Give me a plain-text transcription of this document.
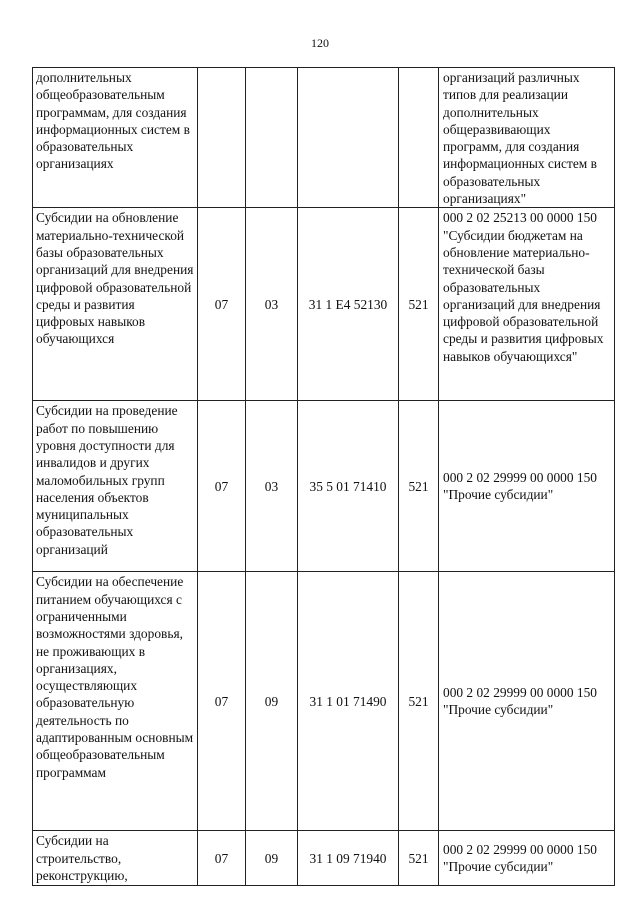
120
дополнительных общеобразовательным программам, для создания информационных систем в образовательных организациях					организаций различных типов для реализации дополнительных общеразвивающих программ, для создания информационных систем в образовательных организациях"
Субсидии на обновление материально-технической базы образовательных организаций для внедрения цифровой образовательной среды и развития цифровых навыков обучающихся	07	03	31 1 Е4 52130	521	000 2 02 25213 00 0000 150 "Субсидии бюджетам на обновление материально-технической базы образовательных организаций для внедрения цифровой образовательной среды и развития цифровых навыков обучающихся"
Субсидии на проведение работ по повышению уровня доступности для инвалидов и других маломобильных групп населения объектов муниципальных образовательных организаций	07	03	35 5 01 71410	521	000 2 02 29999 00 0000 150 "Прочие субсидии"
Субсидии на обеспечение питанием обучающихся с ограниченными возможностями здоровья, не проживающих в организациях, осуществляющих образовательную деятельность по адаптированным основным общеобразовательным программам	07	09	31 1 01 71490	521	000 2 02 29999 00 0000 150 "Прочие субсидии"
Субсидии на строительство, реконструкцию,	07	09	31 1 09 71940	521	000 2 02 29999 00 0000 150 "Прочие субсидии"
